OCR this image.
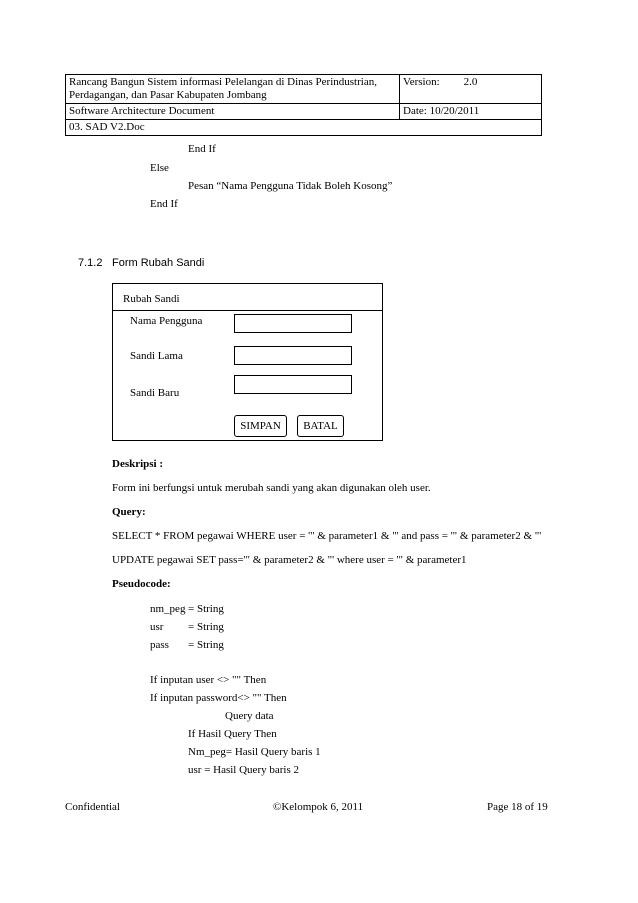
Rancang Bangun Sistem informasi Pelelangan di Dinas Perindustrian,
Perdagangan, dan Pasar Kabupaten Jombang
Version: 2.0
Software Architecture Document	Date: 10/20/2011
03. SAD V2.Doc
End If
Else
Pesan “Nama Pengguna Tidak Boleh Kosong”
End If
7.1.2 Form Rubah Sandi
Rubah Sandi
Nama Pengguna
Sandi Lama
Sandi Baru
SIMPAN	BATAL
Deskripsi :
Form ini berfungsi untuk merubah sandi yang akan digunakan oleh user.
Query:
SELECT * FROM pegawai WHERE user = '" & parameter1 & "' and pass = '" & parameter2 & "'
UPDATE pegawai SET pass='" & parameter2 & "' where user = '" & parameter1
Pseudocode:
nm_peg = String
usr = String
pass = String
If inputan user <> "" Then
If inputan password<> "" Then
Query data
If Hasil Query Then
Nm_peg= Hasil Query baris 1
usr = Hasil Query baris 2
Confidential	©Kelompok 6, 2011	Page 18 of 19
